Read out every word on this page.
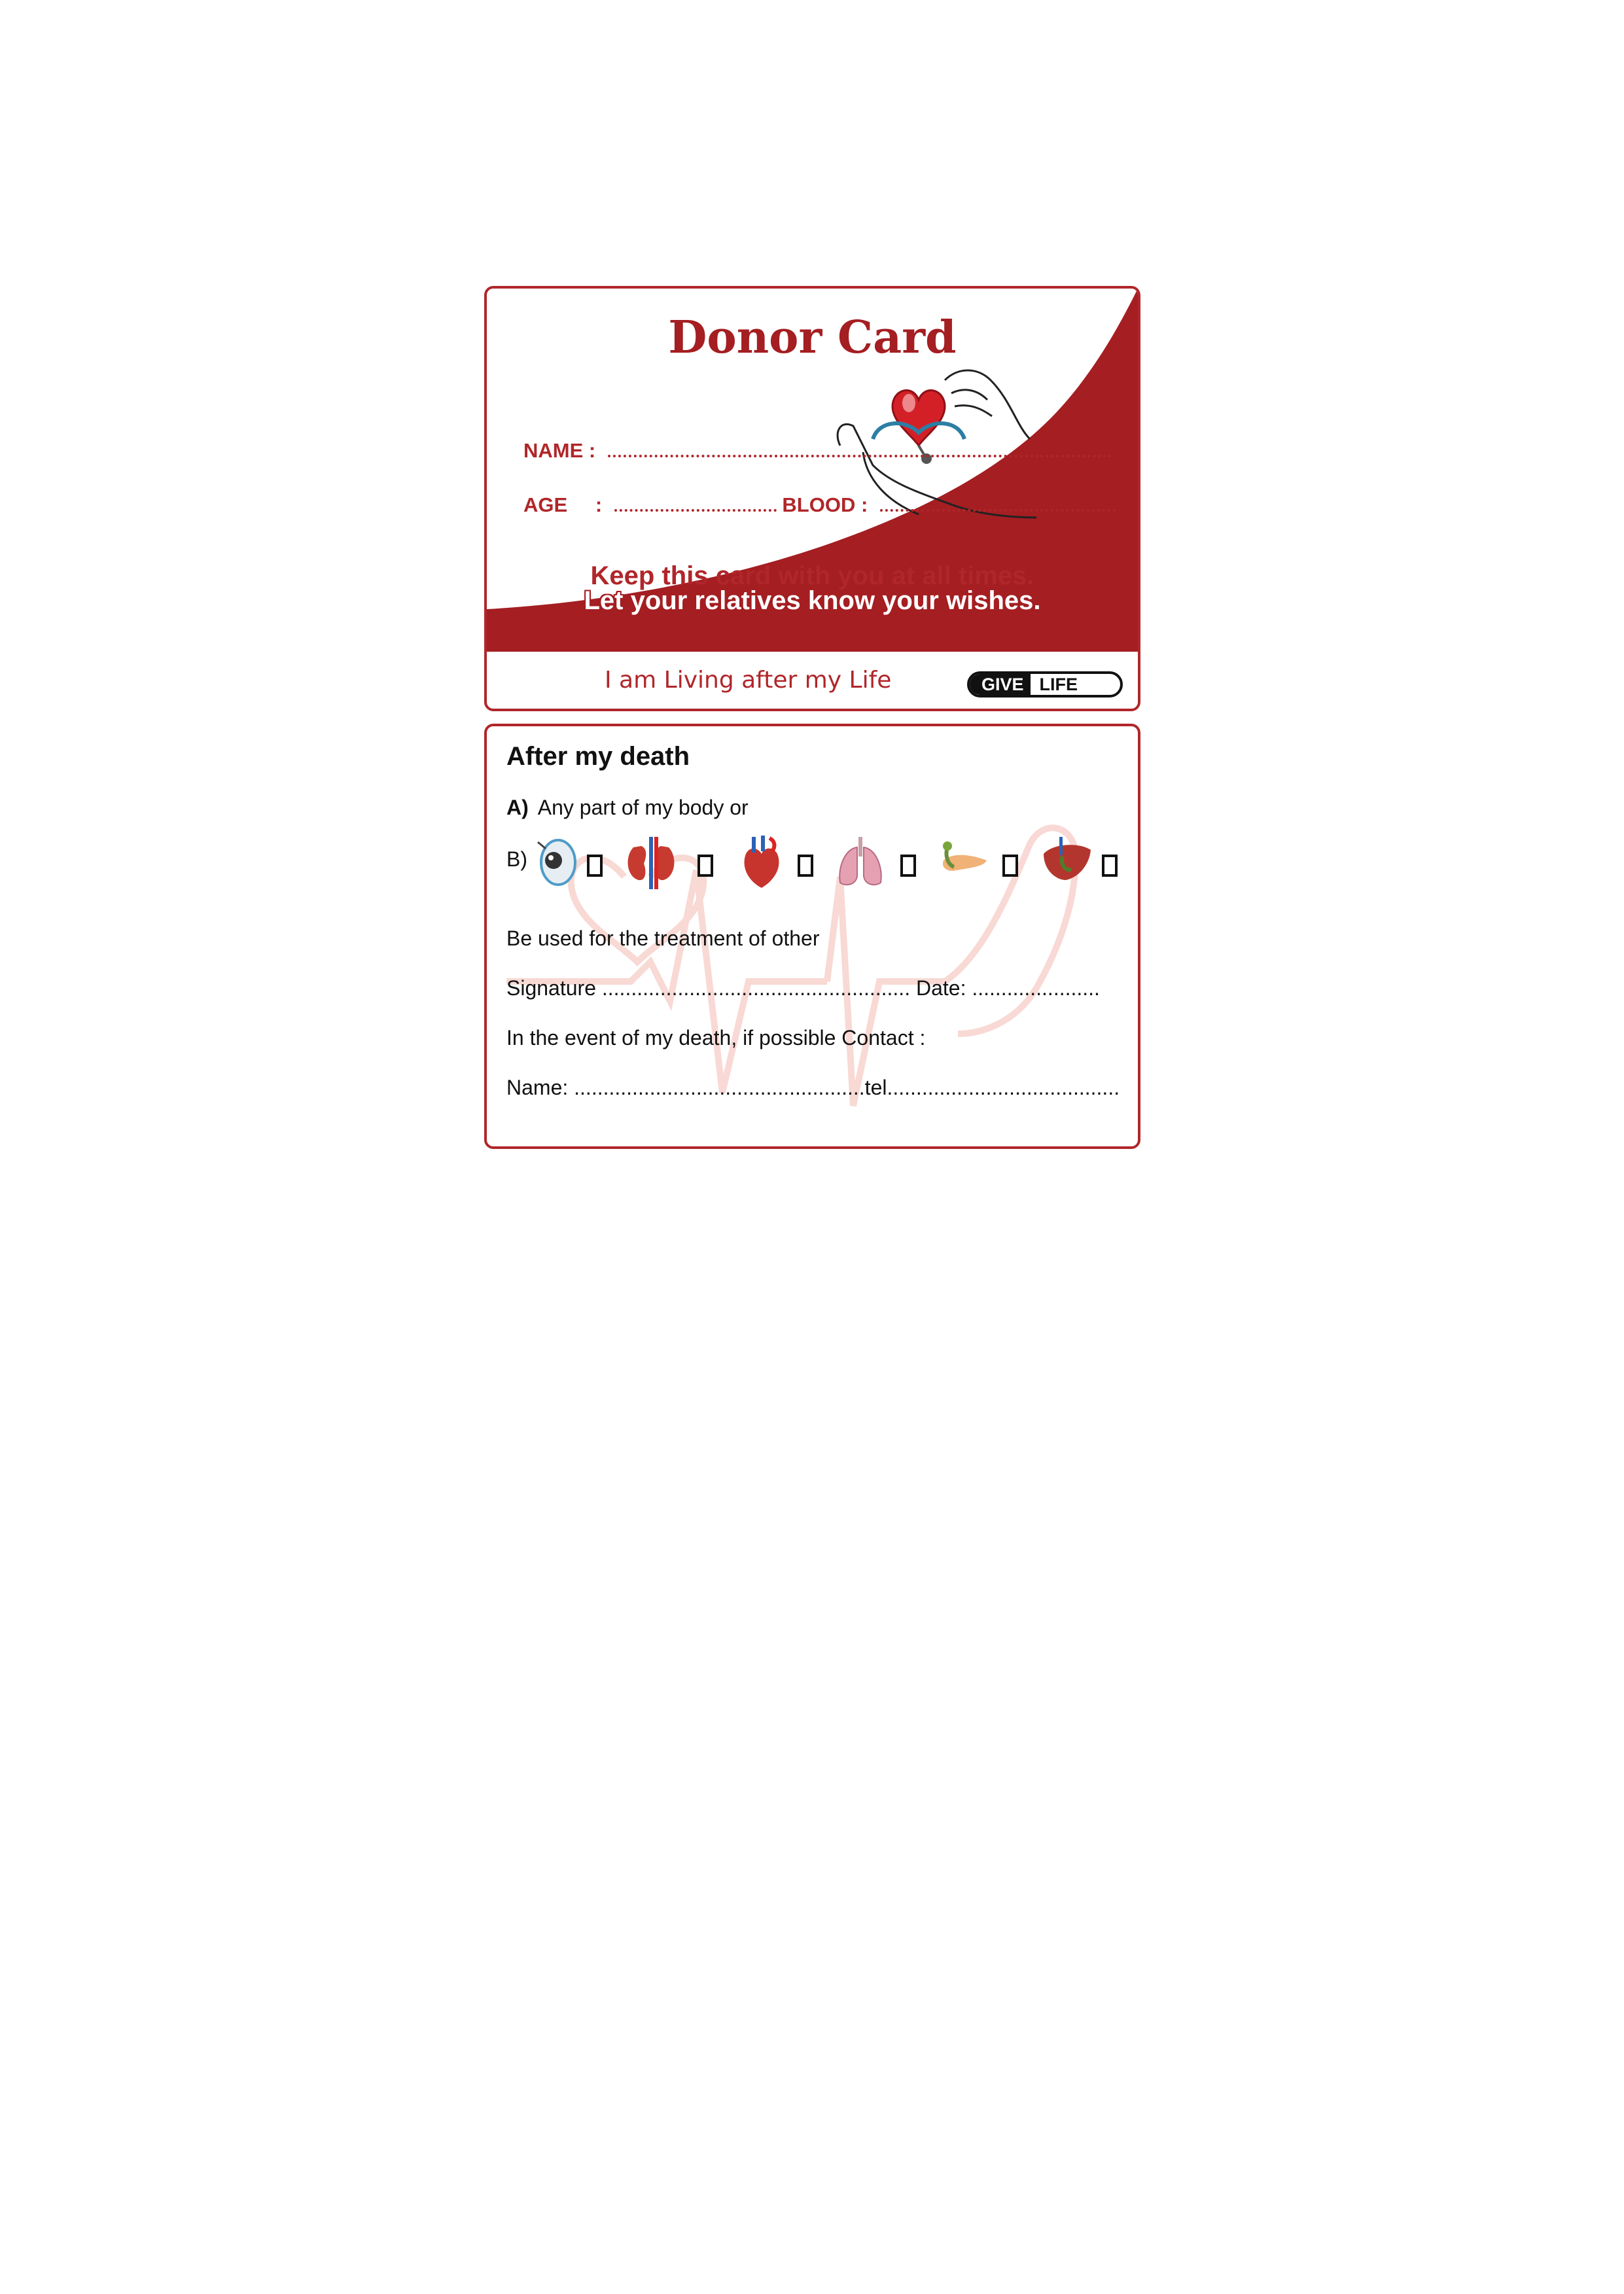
Donor Card
NAME :
AGE :	BLOOD :
Keep this card with you at all times.
Let your relatives know your wishes.
I am Living after my Life	GIVE LIFE
After my death
A) Any part of my body or
B)
Be used for the treatment of other
Signature ..................................................... Date: ......................
In the event of my death, if possible Contact :
Name: ..................................................tel........................................
